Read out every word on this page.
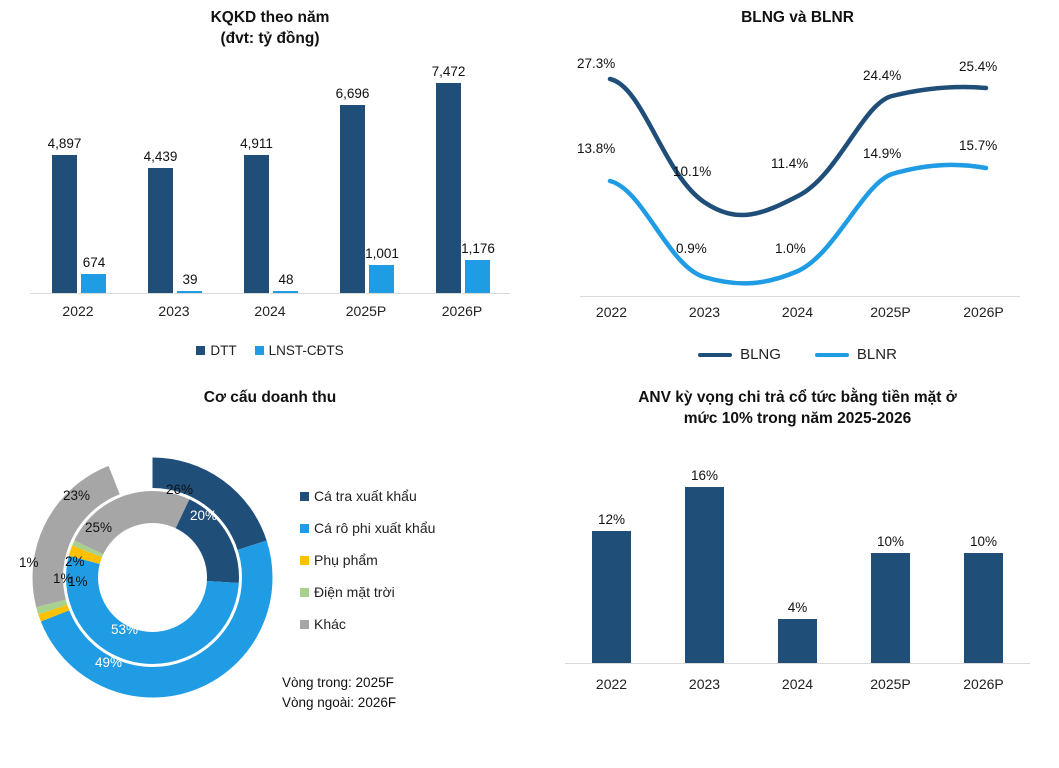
KQKD theo năm
(đvt: tỷ đồng)
4,897
674
4,439
39
4,911
48
6,696
1,001
7,472
1,176
2022	2023	2024	2025P	2026P
DTT LNST-CĐTS
BLNG và BLNR
27.3%
10.1%
11.4%
24.4%
25.4%
13.8%
0.9%	1.0%
14.9%
15.7%
2022	2023	2024	2025P	2026P
BLNG	BLNR
Cơ cấu doanh thu
20%
49%
1%
1%
23%	26%
53%
2%
1%
25%
Cá tra xuất khẩu
Cá rô phi xuất khẩu
Phụ phẩm
Điện mặt trời
Khác
Vòng trong: 2025F
Vòng ngoài: 2026F
ANV kỳ vọng chi trả cổ tức bằng tiền mặt ở
mức 10% trong năm 2025-2026
12%
16%
4%
10%	10%
2022	2023	2024	2025P	2026P
